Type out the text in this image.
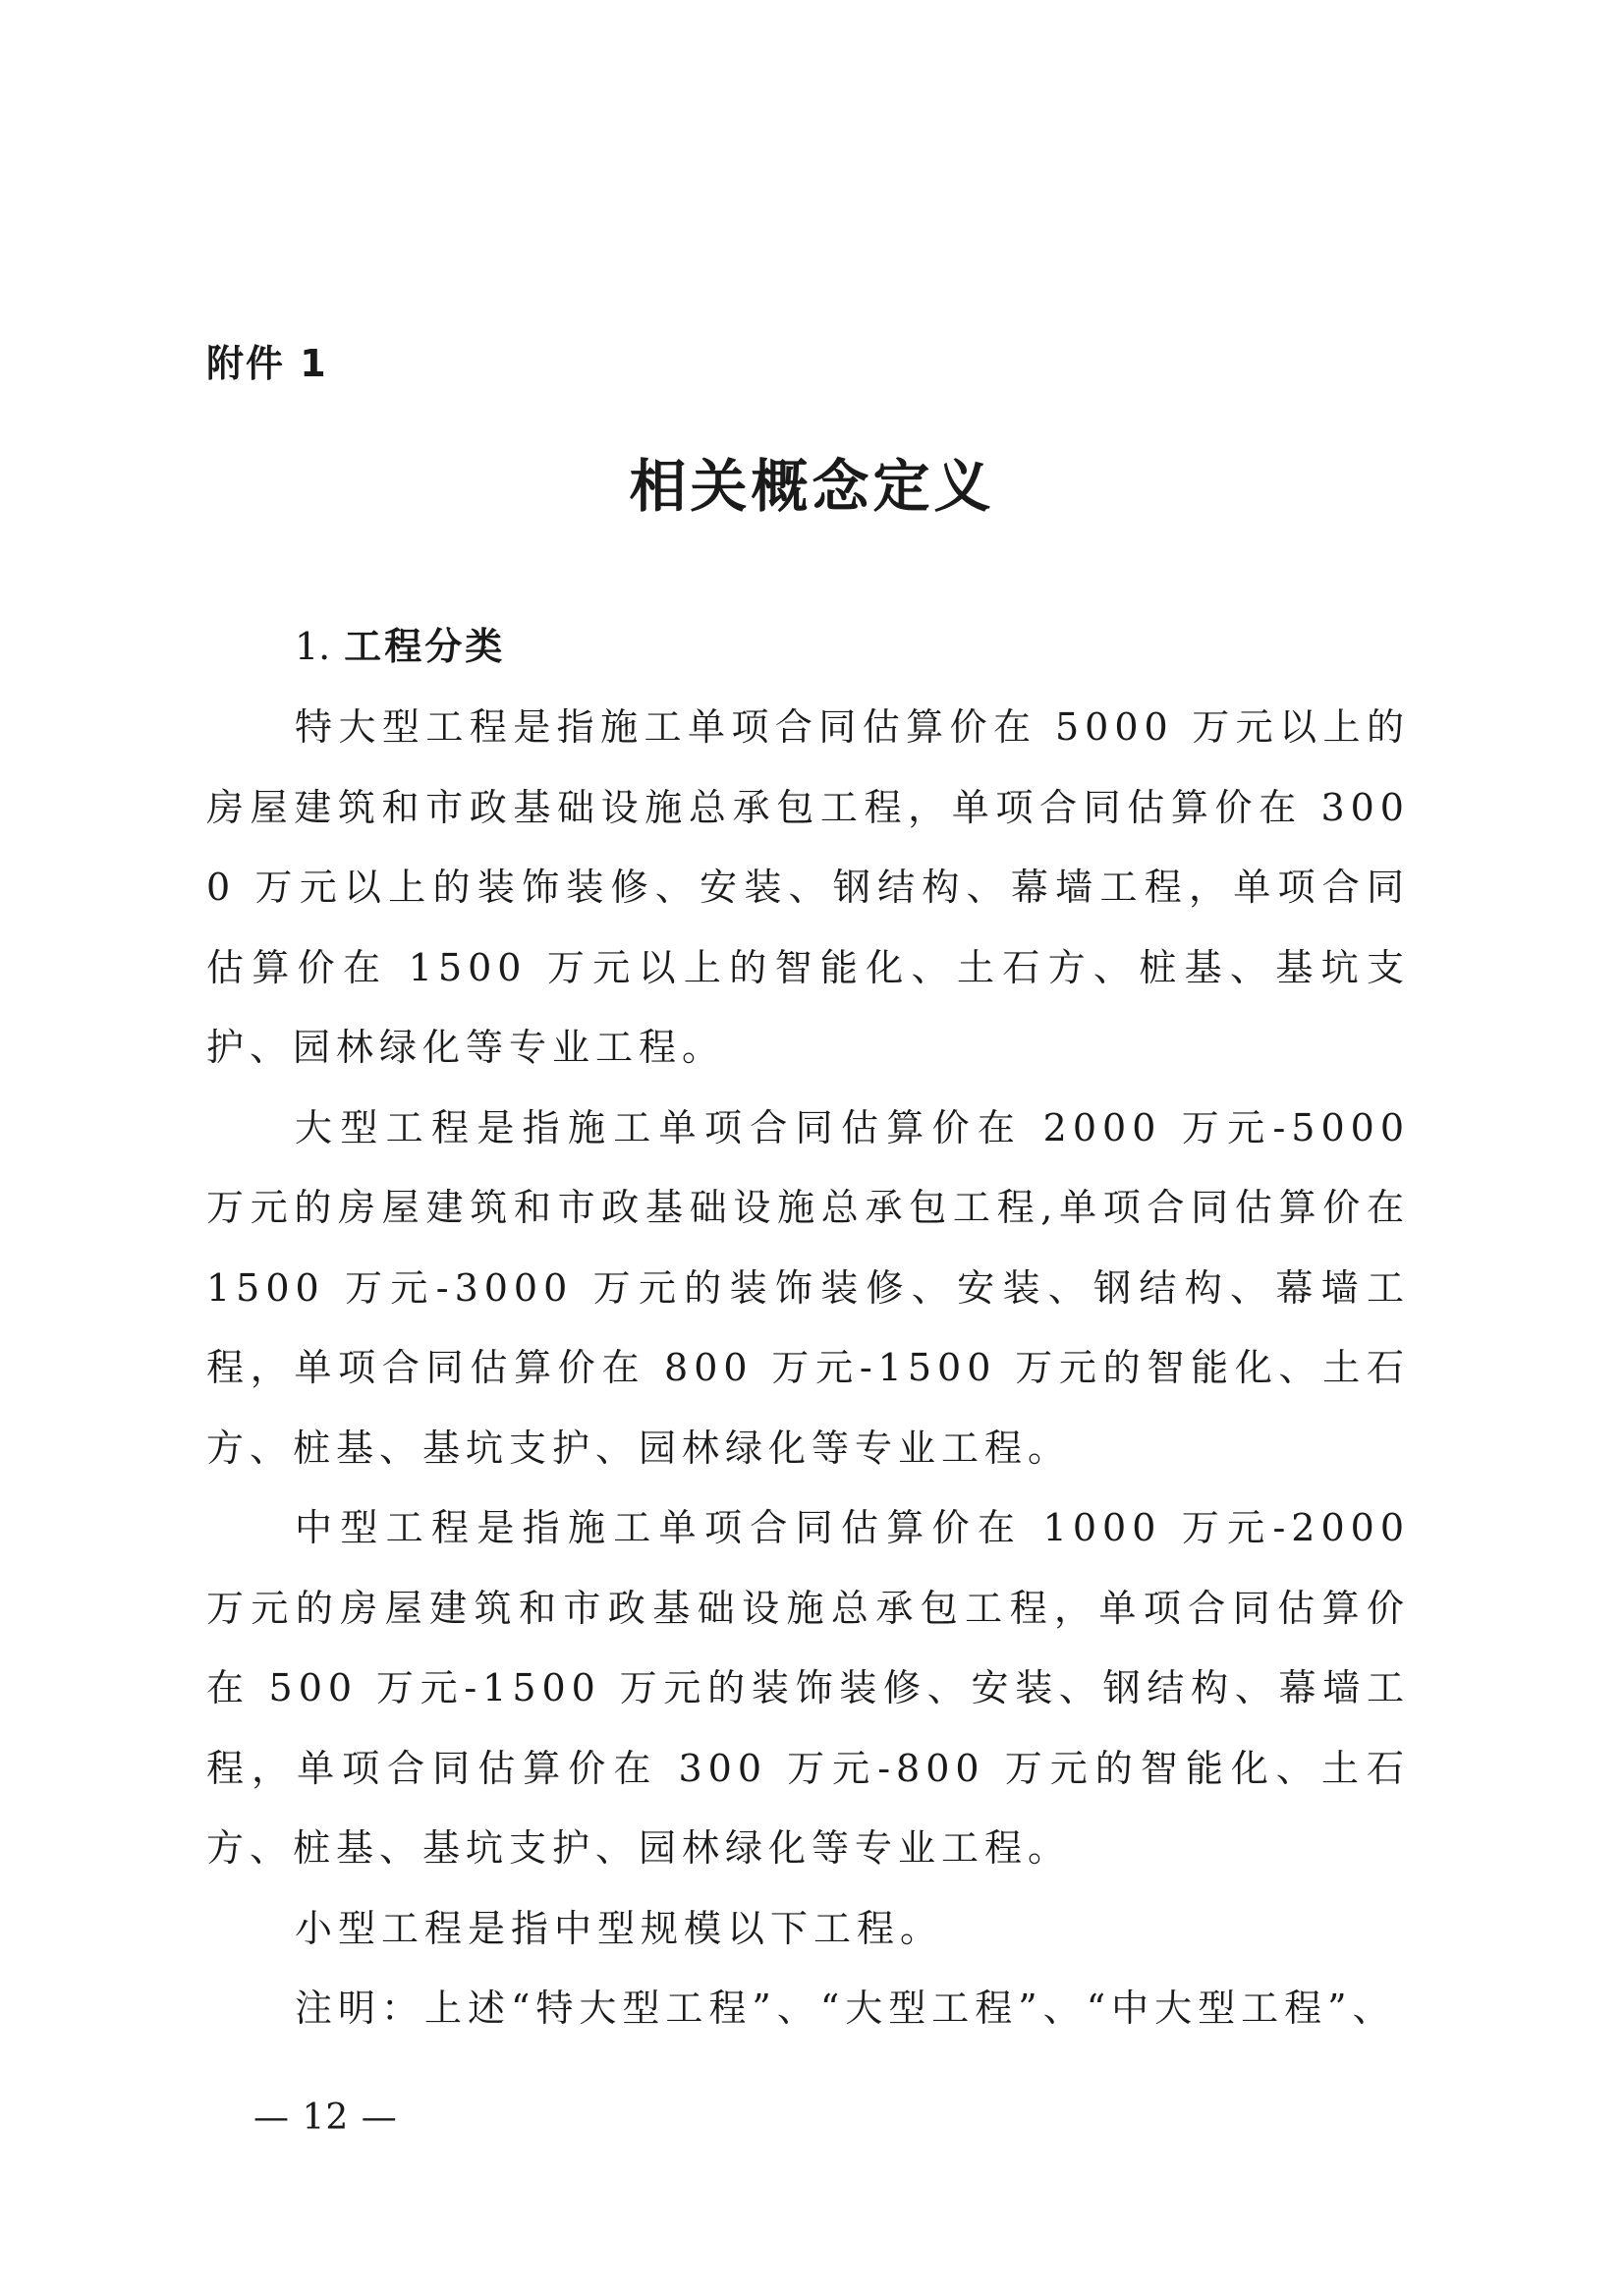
附件 1
相关概念定义
1. 工程分类

特大型工程是指施工单项合同估算价在 5000 万元以上的房屋建筑和市政基础设施总承包工程，单项合同估算价在 3000 万元以上的装饰装修、安装、钢结构、幕墙工程，单项合同估算价在 1500 万元以上的智能化、土石方、桩基、基坑支护、园林绿化等专业工程。

大型工程是指施工单项合同估算价在 2000 万元-5000 万元的房屋建筑和市政基础设施总承包工程,单项合同估算价在 1500 万元-3000 万元的装饰装修、安装、钢结构、幕墙工程，单项合同估算价在 800 万元-1500 万元的智能化、土石方、桩基、基坑支护、园林绿化等专业工程。

中型工程是指施工单项合同估算价在 1000 万元-2000 万元的房屋建筑和市政基础设施总承包工程，单项合同估算价在 500 万元-1500 万元的装饰装修、安装、钢结构、幕墙工程，单项合同估算价在 300 万元-800 万元的智能化、土石方、桩基、基坑支护、园林绿化等专业工程。

小型工程是指中型规模以下工程。

注明：上述“特大型工程”、“大型工程”、“中大型工程”、

— 12 —
